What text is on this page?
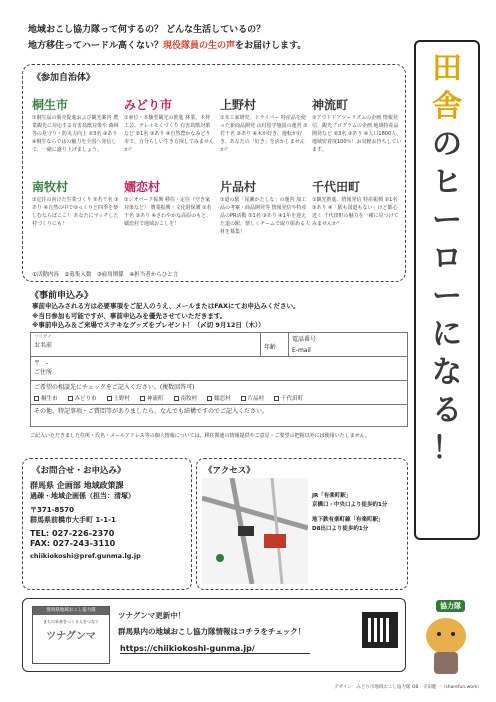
地域おこし協力隊って何するの？ どんな生活しているの？
地方移住ってハードル高くない？現役隊員の生の声をお届けします。
田
舎
の
ヒ
ー
ロ
ー
に
な
る
！
《参加自治体》
桐生市
①桐生品の販売促進および観光案内 農業観光に対応する有害鳥獣対策や 森林等の見守り・防災力向上 ②3名 ③あり ④桐生ならではの魅力を全国へ発信して、一緒に盛り上げましょう。
みどり市
①東位・本験型観光の推進 林業、木材工芸、テレイモくづくり 有害鳥獣対策など ②1名 ③あり ④自然豊かなみどり市で、自分らしい生き方探してみませんか？
上野村
①木工家研究、ドライバー 特産品を使った新商品開発 山村留学施設の運営 ②若干名 ③あり ④木が好き、運転が好き、あなたの「好き」を活かしませんか？
神流町
①アウトドアツーリズムの企画 情報発信、観光プログラムの企画 地域特産品開発など ②3名 ③あり ④人口1800人、地域密着度100％！お気軽お待ちしています。
南牧村
①定住の向けた生業づくり ②若干名 ③あり ④自然の中でゆっくりと四季を楽しむならばここ！ あなたにマッチした村づくりにも！
嬬恋村
①ジオパーク振興 移住・定住（空き家対策など） 農業振興・文化財保護 ②若干名 ③あり ④さわやかな高原のもと、嬬恋村で地域おこしを！
片品村
①道の駅「尾瀬かたしな」の運営 加工品の考案・商品開発等 情報発信や特産品のPR活動 ②1名 ③あり ④1年を迎えた道の駅。楽しくチームで取り組める人材を募集！
千代田町
①観光推進、情報発信 特産振興 ②1名 ③あり ④「駅も国道もない」けど都心近く 千代田町の魅力を一緒に見つけてみませんか？
①活動内容　②募集人数　③雇用関係　④担当者からひと言
《事前申込み》
事前申込みされる方は必要事項をご記入のうえ、メールまたはFAXにてお申込みください。
※当日参加も可能ですが、事前申込みを優先させていただきます。
※事前申込み＆ご来場でステキなグッズをプレゼント！（〆切 9月12日（木））
フリガナ
お名前	年齢

電話番号
E-mail

〒　-
ご住所

ご希望の相談先にチェックをご記入ください。(複数回答可)
桐生市	みどり市	上野村	神流町	南牧村	嬬恋村	片品村	千代田町

その他、特記事項・ご質問等がありましたら、なんでも結構ですのでご記入ください。
ご記入いただきました住所・氏名・メールアドレス等の個人情報については、移住関連の情報提供やご意見・ご要望の把握以外には使用いたしません。
《お問合せ・お申込み》
群馬県 企画部 地域政策課
過疎・地域企画係（担当：清塚）
〒371-8570
群馬県前橋市大手町 1-1-1
TEL: 027-226-2370
FAX: 027-243-3110
chiikiokoshi@pref.gunma.lg.jp
《アクセス》
JR「有楽町駅」
京橋口・中央口より徒歩約1分
地下鉄有楽町線「有楽町駅」
D8出口より徒歩約1分
群馬県地域おこし協力隊
まちの未来をつくる人をつなぐ
ツナグンマ
ツナグンマ更新中！
群馬県内の地域おこし協力隊情報はコチラをチェック！
https://chiikiokoshi-gunma.jp/
協力隊
デザイン：みどり市地域おこし協力隊 OB　寺田健一（sharefun.work）
